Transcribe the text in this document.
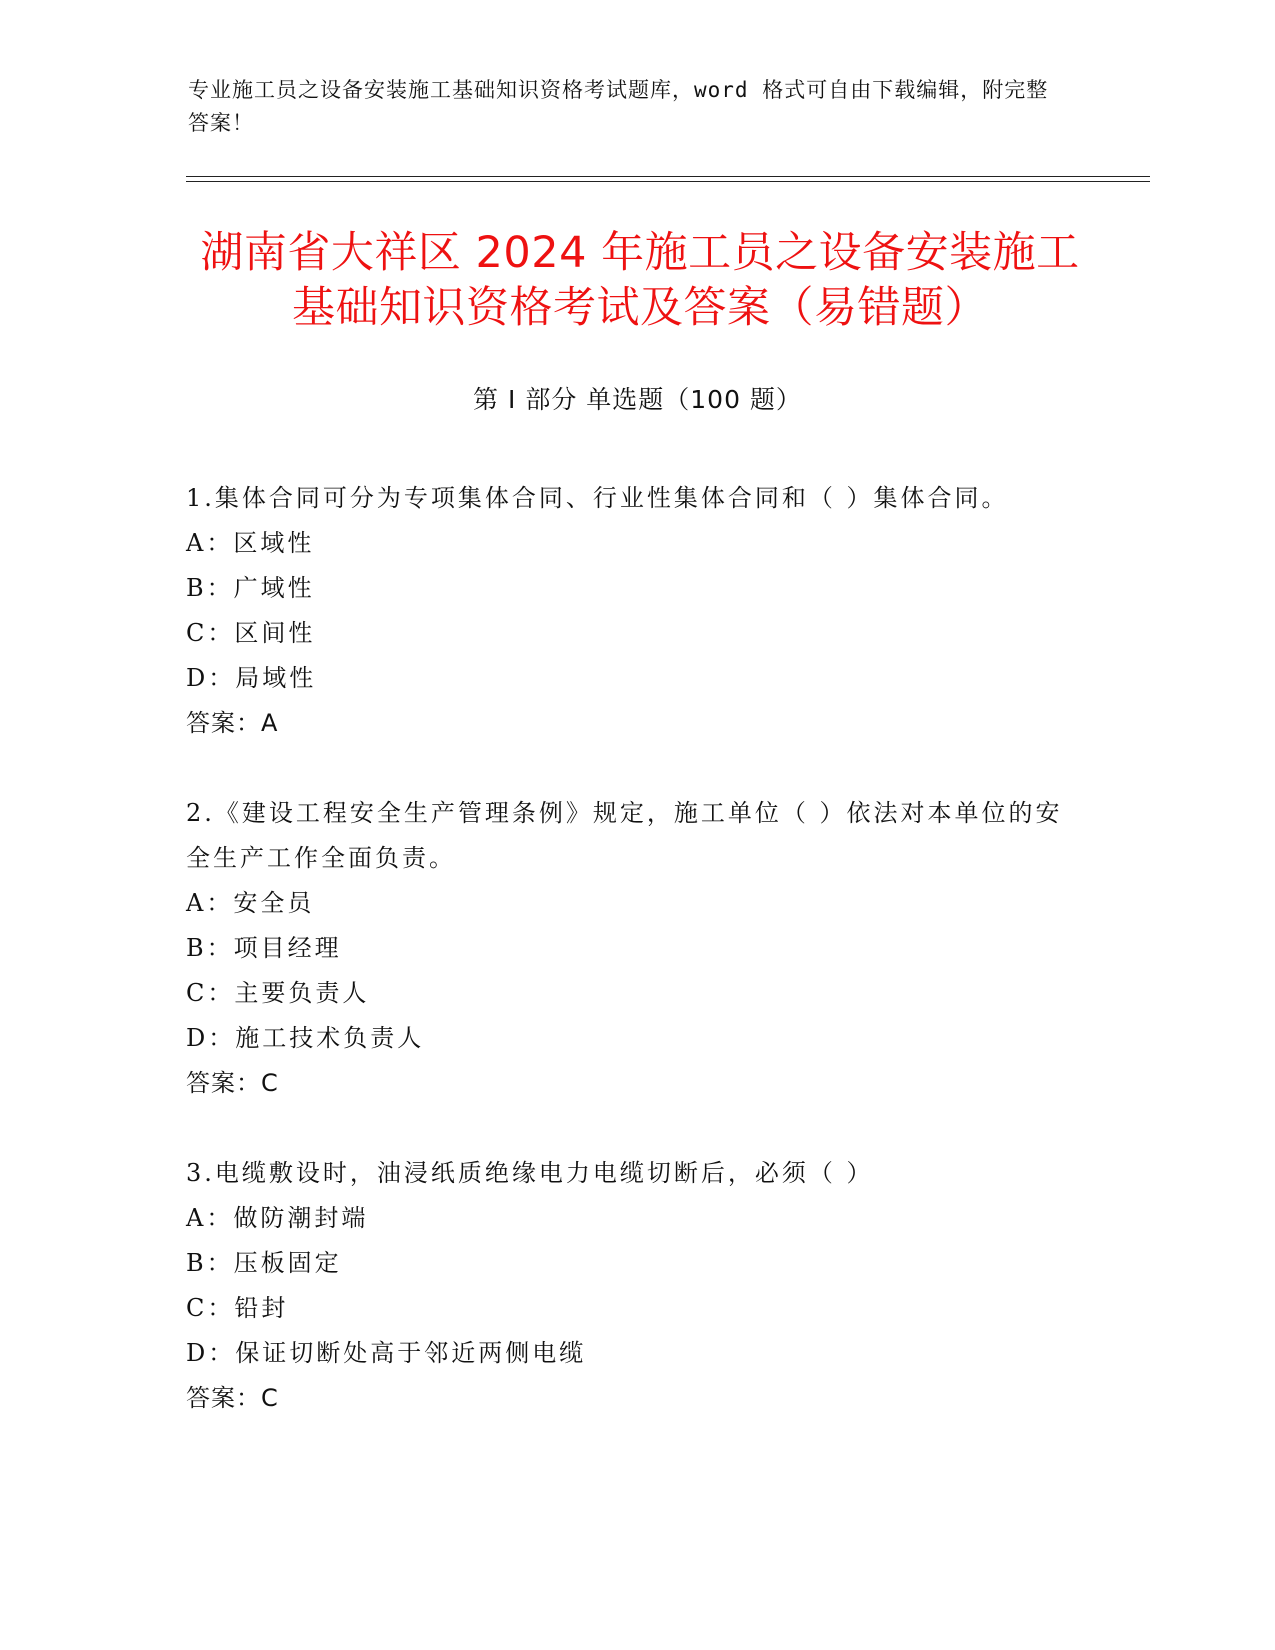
专业施工员之设备安装施工基础知识资格考试题库，word 格式可自由下载编辑，附完整答案！
湖南省大祥区 2024 年施工员之设备安装施工基础知识资格考试及答案（易错题）
第 I 部分 单选题（100 题）
1.集体合同可分为专项集体合同、行业性集体合同和（ ）集体合同。
A：区域性
B：广域性
C：区间性
D：局域性
答案：A
2.《建设工程安全生产管理条例》规定，施工单位（ ）依法对本单位的安全生产工作全面负责。
A：安全员
B：项目经理
C：主要负责人
D：施工技术负责人
答案：C
3.电缆敷设时，油浸纸质绝缘电力电缆切断后，必须（ ）
A：做防潮封端
B：压板固定
C：铅封
D：保证切断处高于邻近两侧电缆
答案：C
